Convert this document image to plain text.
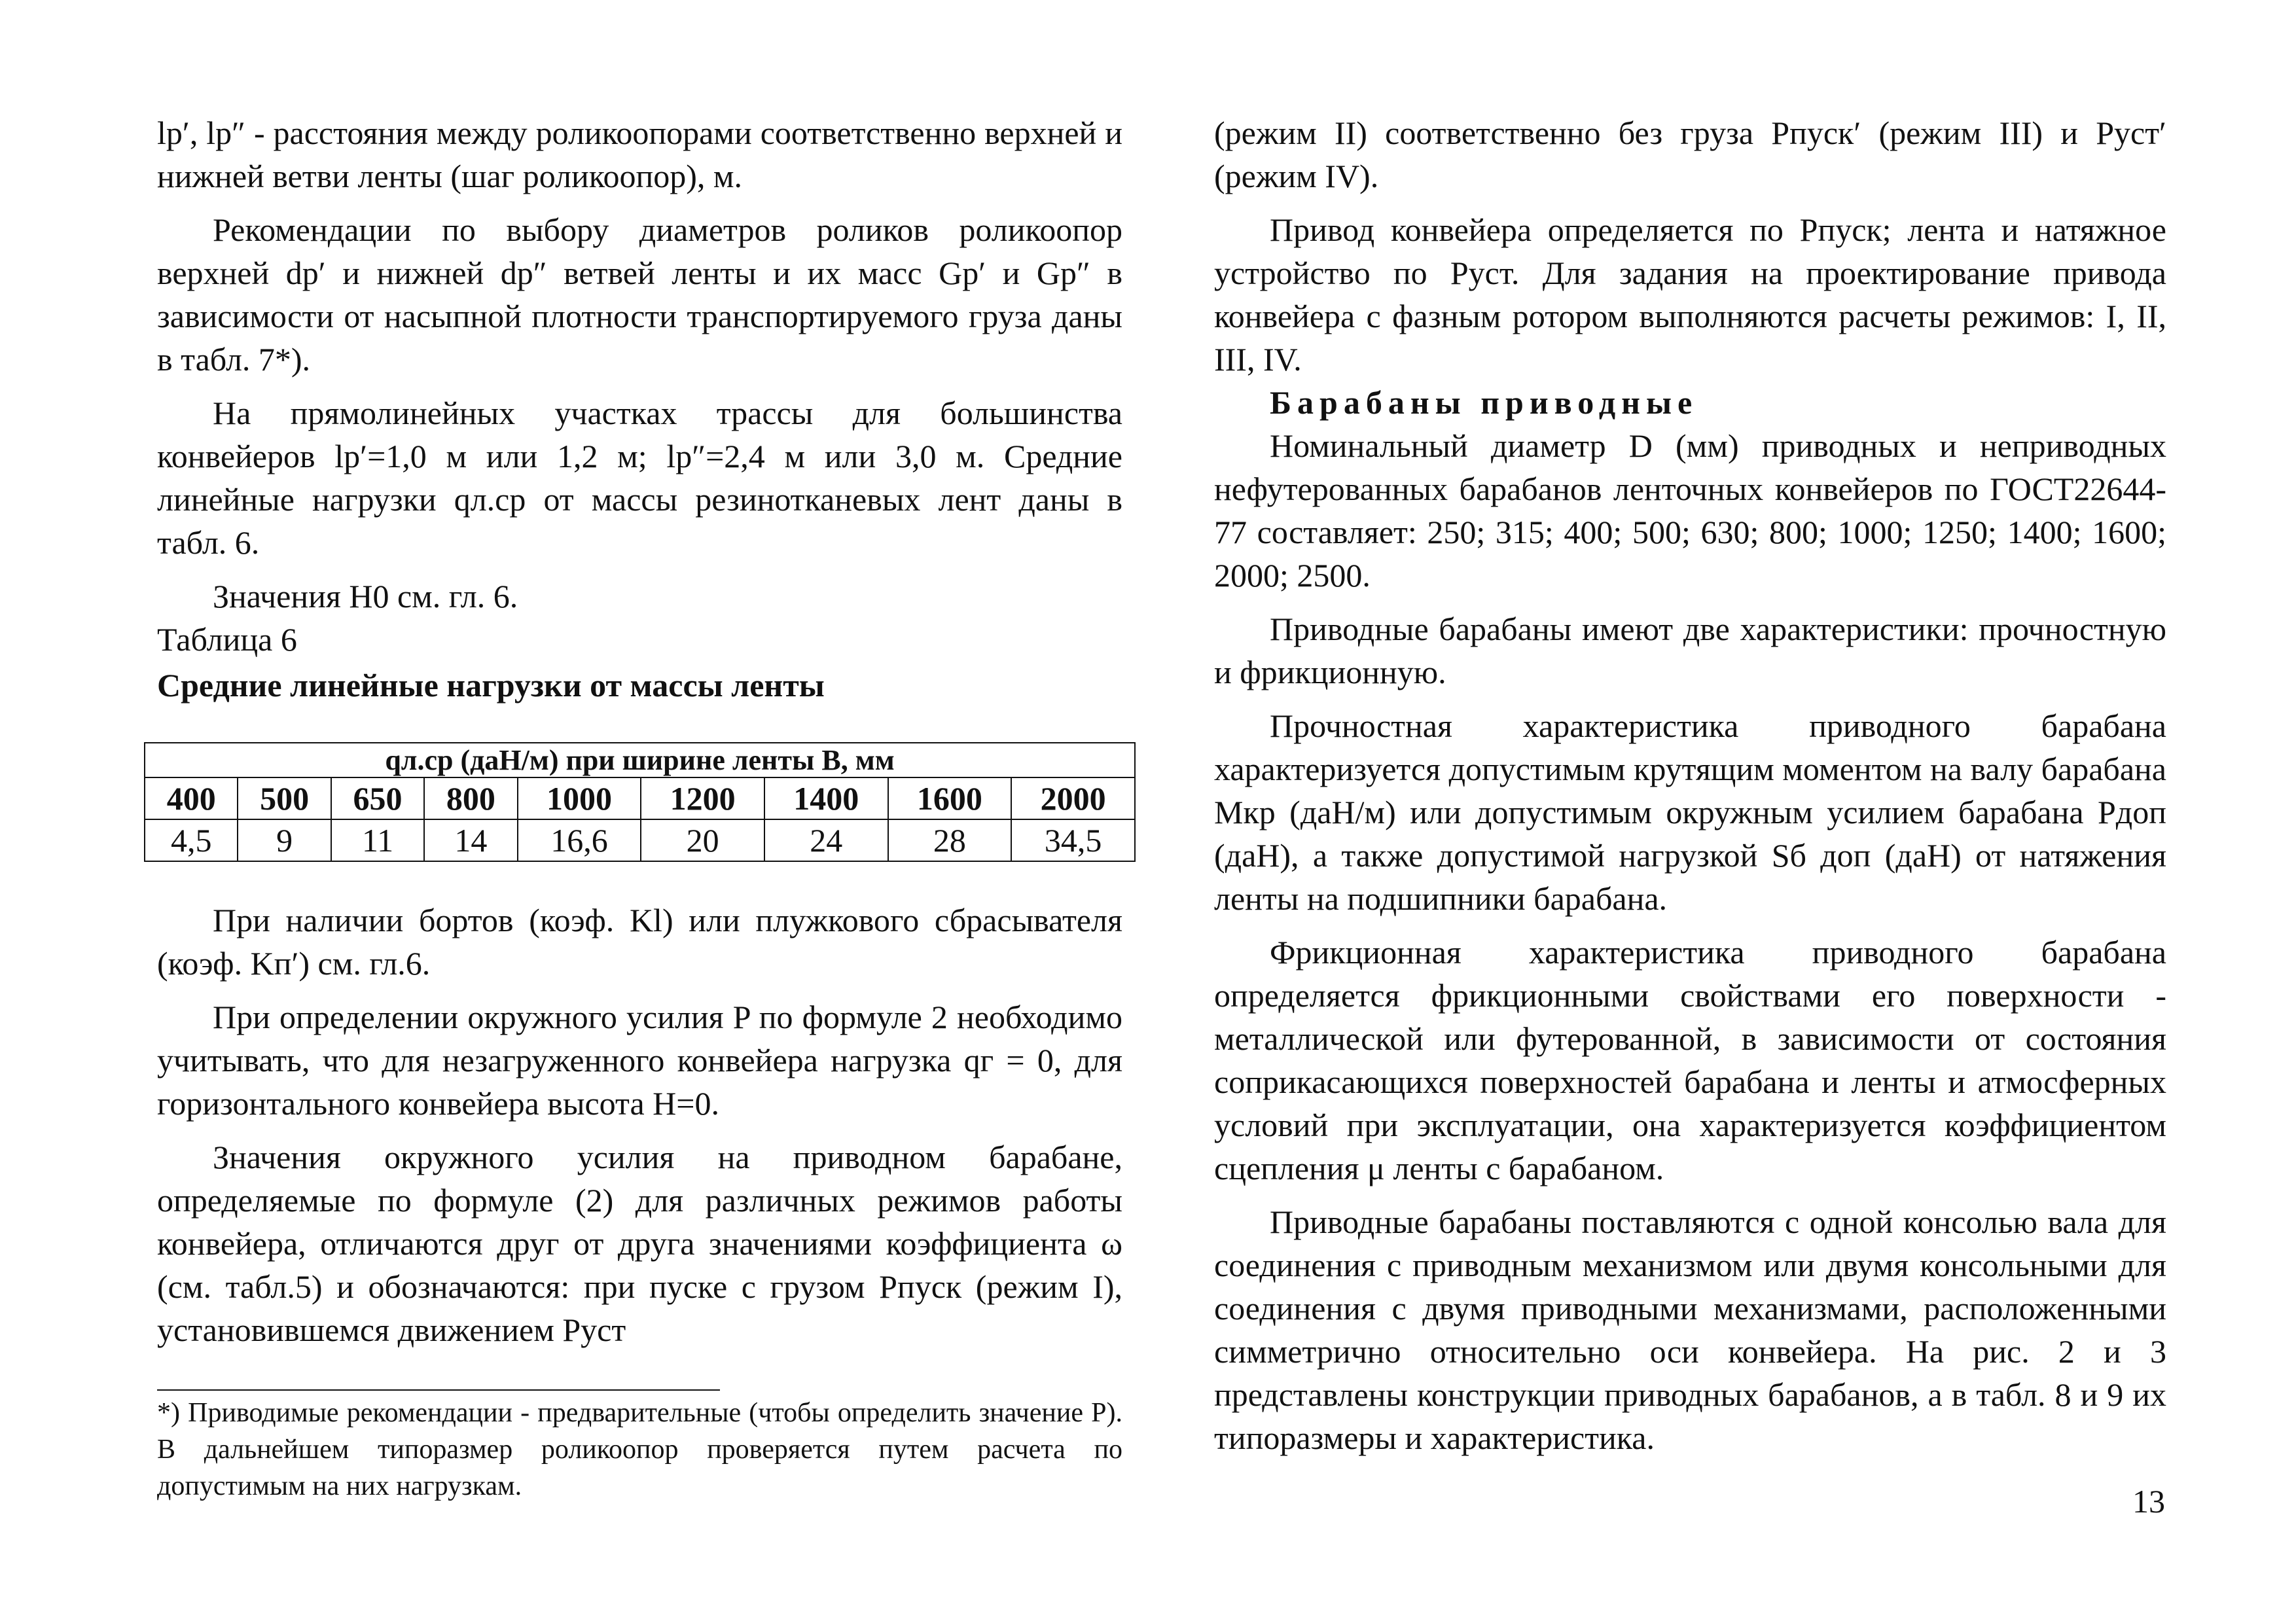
lр′, lр″ - расстояния между роликоопорами соответственно верхней и нижней ветви ленты (шаг роликоопор), м.

Рекомендации по выбору диаметров роликов роликоопор верхней dр′ и нижней dр″ ветвей ленты и их масс Gр′ и Gр″ в зависимости от насыпной плотности транспортируемого груза даны в табл. 7*).

На прямолинейных участках трассы для большинства конвейеров lр′=1,0 м или 1,2 м; lр″=2,4 м или 3,0 м. Средние линейные нагрузки qл.ср от массы резинотканевых лент даны в табл. 6.

Значения H0 см. гл. 6.

Таблица 6

Средние линейные нагрузки от массы ленты

qл.ср (даН/м) при ширине ленты B, мм								
400	500	650	800	1000	1200	1400	1600	2000
4,5	9	11	14	16,6	20	24	28	34,5

При наличии бортов (коэф. Kl) или плужкового сбрасывателя (коэф. Kп′) см. гл.6.

При определении окружного усилия P по формуле 2 необходимо учитывать, что для незагруженного конвейера нагрузка qг = 0, для горизонтального конвейера высота H=0.

Значения окружного усилия на приводном барабане, определяемые по формуле (2) для различных режимов работы конвейера, отличаются друг от друга значениями коэффициента ω (см. табл.5) и обозначаются: при пуске с грузом Pпуск (режим I), установившемся движением Pуст

*) Приводимые рекомендации - предварительные (чтобы определить значение P). В дальнейшем типоразмер роликоопор проверяется путем расчета по допустимым на них нагрузкам.

(режим II) соответственно без груза Pпуск′ (режим III) и Pуст′ (режим IV).

Привод конвейера определяется по Pпуск; лента и натяжное устройство по Pуст. Для задания на проектирование привода конвейера с фазным ротором выполняются расчеты режимов: I, II, III, IV.

Барабаны приводные

Номинальный диаметр D (мм) приводных и неприводных нефутерованных барабанов ленточных конвейеров по ГОСТ22644-77 составляет: 250; 315; 400; 500; 630; 800; 1000; 1250; 1400; 1600; 2000; 2500.

Приводные барабаны имеют две характеристики: прочностную и фрикционную.

Прочностная характеристика приводного барабана характеризуется допустимым крутящим моментом на валу барабана Mкр (даН/м) или допустимым окружным усилием барабана Pдоп (даН), а также допустимой нагрузкой Sб доп (даН) от натяжения ленты на подшипники барабана.

Фрикционная характеристика приводного барабана определяется фрикционными свойствами его поверхности - металлической или футерованной, в зависимости от состояния соприкасающихся поверхностей барабана и ленты и атмосферных условий при эксплуатации, она характеризуется коэффициентом сцепления μ ленты с барабаном.

Приводные барабаны поставляются с одной консолью вала для соединения с приводным механизмом или двумя консольными для соединения с двумя приводными механизмами, расположенными симметрично относительно оси конвейера. На рис. 2 и 3 представлены конструкции приводных барабанов, а в табл. 8 и 9 их типоразмеры и характеристика.

13
